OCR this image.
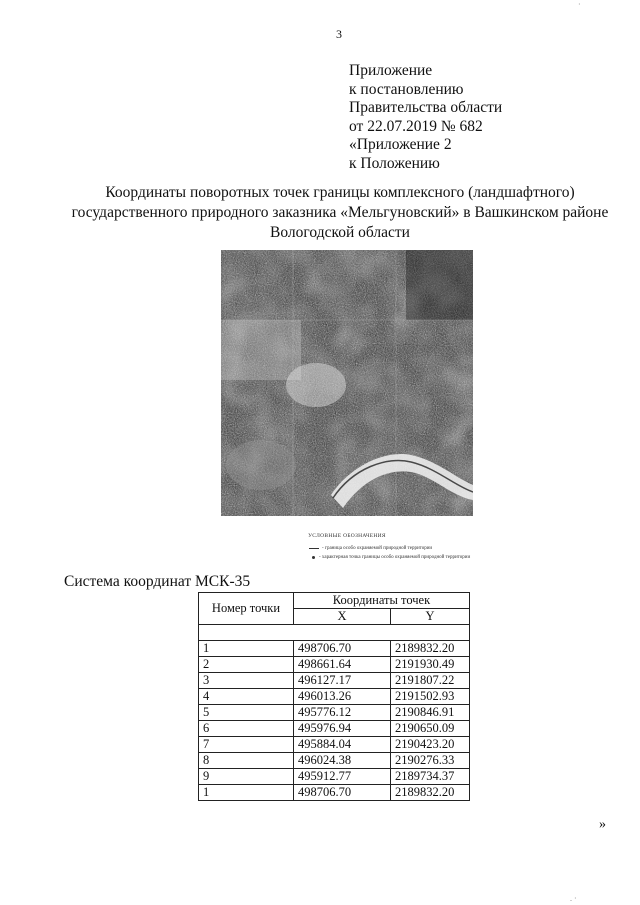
·
3
Приложение
к постановлению
Правительства области
от 22.07.2019 № 682
«Приложение 2
к Положению
Координаты поворотных точек границы комплексного (ландшафтного)
государственного природного заказника «Мельгуновский» в Вашкинском районе
Вологодской области
УСЛОВНЫЕ ОБОЗНАЧЕНИЯ
- граница особо охраняемой природной территории
- характерная точка границы особо охраняемой природной территории
Система координат МСК-35
Номер точки	Координаты точек	
	X	Y

1	498706.70	2189832.20
2	498661.64	2191930.49
3	496127.17	2191807.22
4	496013.26	2191502.93
5	495776.12	2190846.91
6	495976.94	2190650.09
7	495884.04	2190423.20
8	496024.38	2190276.33
9	495912.77	2189734.37
1	498706.70	2189832.20
»
. ·
